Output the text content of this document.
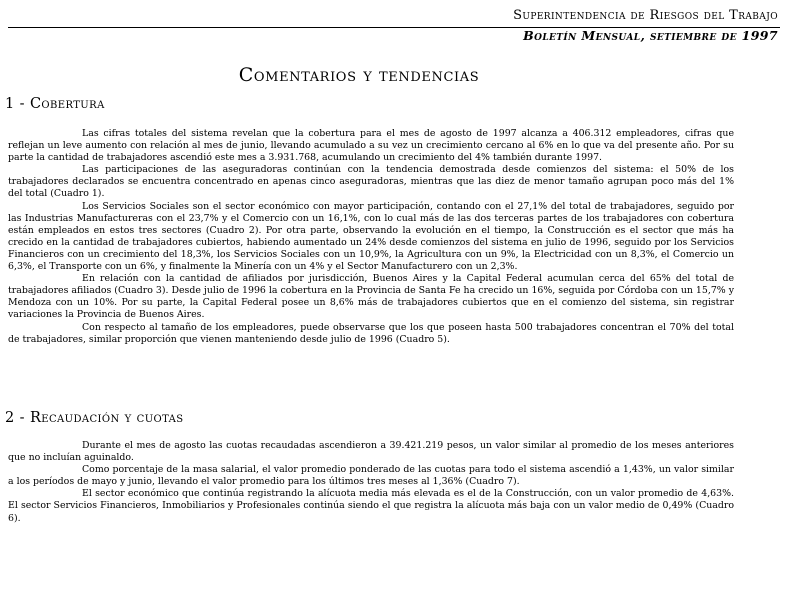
Superintendencia de Riesgos del Trabajo
Boletín Mensual, setiembre de 1997
Comentarios y tendencias
1 - Cobertura

Las cifras totales del sistema revelan que la cobertura para el mes de agosto de 1997 alcanza a 406.312 empleadores, cifras que reflejan un leve aumento con relación al mes de junio, llevando acumulado a su vez un crecimiento cercano al 6% en lo que va del presente año. Por su parte la cantidad de trabajadores ascendió este mes a 3.931.768, acumulando un crecimiento del 4% también durante 1997.

Las participaciones de las aseguradoras continúan con la tendencia demostrada desde comienzos del sistema: el 50% de los trabajadores declarados se encuentra concentrado en apenas cinco aseguradoras, mientras que las diez de menor tamaño agrupan poco más del 1% del total (Cuadro 1).

Los Servicios Sociales son el sector económico con mayor participación, contando con el 27,1% del total de trabajadores, seguido por las Industrias Manufactureras con el 23,7% y el Comercio con un 16,1%, con lo cual más de las dos terceras partes de los trabajadores con cobertura están empleados en estos tres sectores (Cuadro 2). Por otra parte, observando la evolución en el tiempo, la Construcción es el sector que más ha crecido en la cantidad de trabajadores cubiertos, habiendo aumentado un 24% desde comienzos del sistema en julio de 1996, seguido por los Servicios Financieros con un crecimiento del 18,3%, los Servicios Sociales con un 10,9%, la Agricultura con un 9%, la Electricidad con un 8,3%, el Comercio un 6,3%, el Transporte con un 6%, y finalmente la Minería con un 4% y el Sector Manufacturero con un 2,3%.

En relación con la cantidad de afiliados por jurisdicción, Buenos Aires y la Capital Federal acumulan cerca del 65% del total de trabajadores afiliados (Cuadro 3). Desde julio de 1996 la cobertura en la Provincia de Santa Fe ha crecido un 16%, seguida por Córdoba con un 15,7% y Mendoza con un 10%. Por su parte, la Capital Federal posee un 8,6% más de trabajadores cubiertos que en el comienzo del sistema, sin registrar variaciones la Provincia de Buenos Aires.

Con respecto al tamaño de los empleadores, puede observarse que los que poseen hasta 500 trabajadores concentran el 70% del total de trabajadores, similar proporción que vienen manteniendo desde julio de 1996 (Cuadro 5).

2 - Recaudación y cuotas

Durante el mes de agosto las cuotas recaudadas ascendieron a 39.421.219 pesos, un valor similar al promedio de los meses anteriores que no incluían aguinaldo.

Como porcentaje de la masa salarial, el valor promedio ponderado de las cuotas para todo el sistema ascendió a 1,43%, un valor similar a los períodos de mayo y junio, llevando el valor promedio para los últimos tres meses al 1,36% (Cuadro 7).

El sector económico que continúa registrando la alícuota media más elevada es el de la Construcción, con un valor promedio de 4,63%. El sector Servicios Financieros, Inmobiliarios y Profesionales continúa siendo el que registra la alícuota más baja con un valor medio de 0,49% (Cuadro 6).
